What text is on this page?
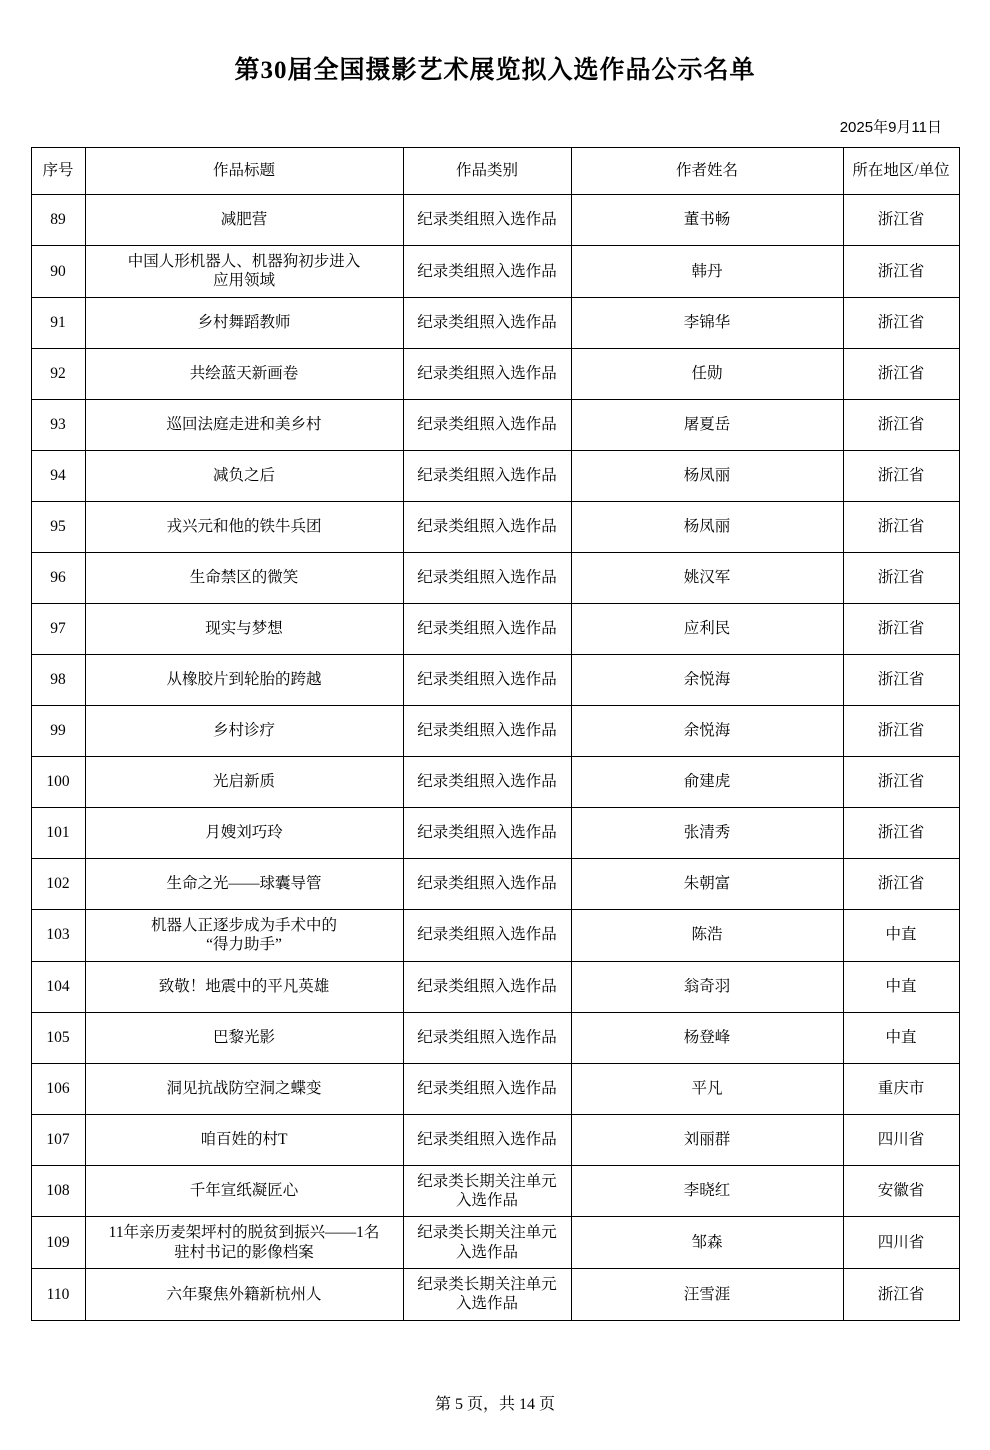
第30届全国摄影艺术展览拟入选作品公示名单
2025年9月11日
序号	作品标题	作品类别	作者姓名	所在地区/单位

89	减肥营	纪录类组照入选作品	董书畅	浙江省

90	中国人形机器人、机器狗初步进入
应用领域	纪录类组照入选作品	韩丹	浙江省

91	乡村舞蹈教师	纪录类组照入选作品	李锦华	浙江省

92	共绘蓝天新画卷	纪录类组照入选作品	任勋	浙江省

93	巡回法庭走进和美乡村	纪录类组照入选作品	屠夏岳	浙江省

94	减负之后	纪录类组照入选作品	杨凤丽	浙江省

95	戎兴元和他的铁牛兵团	纪录类组照入选作品	杨凤丽	浙江省

96	生命禁区的微笑	纪录类组照入选作品	姚汉军	浙江省

97	现实与梦想	纪录类组照入选作品	应利民	浙江省

98	从橡胶片到轮胎的跨越	纪录类组照入选作品	余悦海	浙江省

99	乡村诊疗	纪录类组照入选作品	余悦海	浙江省

100	光启新质	纪录类组照入选作品	俞建虎	浙江省

101	月嫂刘巧玲	纪录类组照入选作品	张清秀	浙江省

102	生命之光——球囊导管	纪录类组照入选作品	朱朝富	浙江省

103	机器人正逐步成为手术中的
“得力助手”	纪录类组照入选作品	陈浩	中直

104	致敬！地震中的平凡英雄	纪录类组照入选作品	翁奇羽	中直

105	巴黎光影	纪录类组照入选作品	杨登峰	中直

106	洞见抗战防空洞之蝶变	纪录类组照入选作品	平凡	重庆市

107	咱百姓的村T	纪录类组照入选作品	刘丽群	四川省

108	千年宣纸凝匠心	纪录类长期关注单元
入选作品	李晓红	安徽省

109	11年亲历麦架坪村的脱贫到振兴——1名
驻村书记的影像档案	纪录类长期关注单元
入选作品	邹森	四川省

110	六年聚焦外籍新杭州人	纪录类长期关注单元
入选作品	汪雪涯	浙江省
第 5 页，共 14 页
